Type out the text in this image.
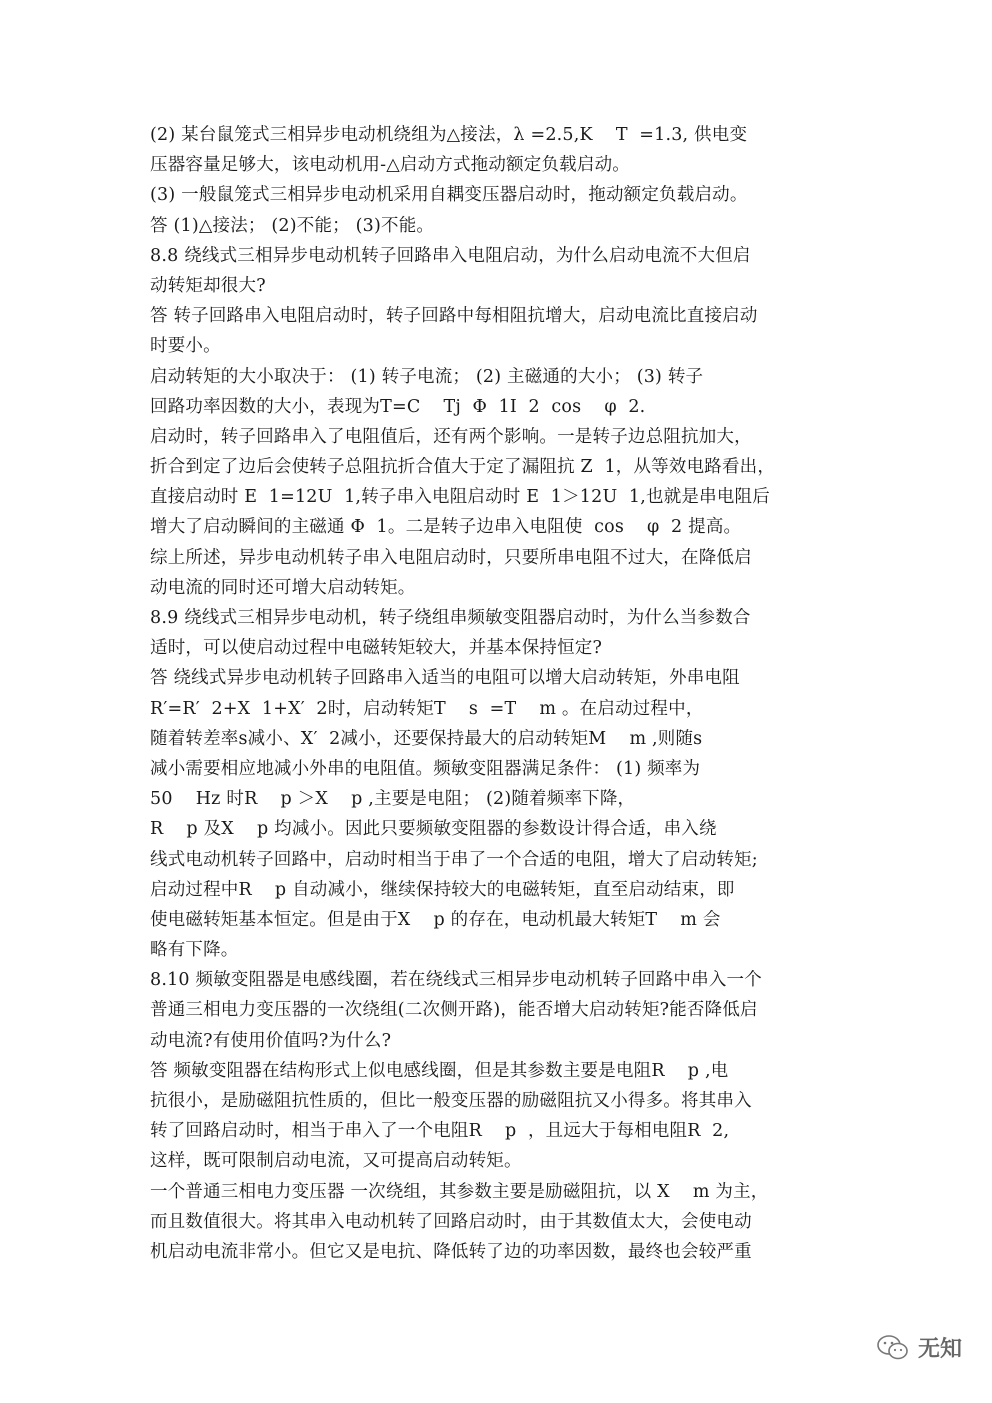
(2) 某台鼠笼式三相异步电动机绕组为△接法，λ =2.5,K    T  =1.3, 供电变
压器容量足够大，该电动机用-△启动方式拖动额定负载启动。
(3) 一般鼠笼式三相异步电动机采用自耦变压器启动时，拖动额定负载启动。
答 (1)△接法； (2)不能； (3)不能。
8.8 绕线式三相异步电动机转子回路串入电阻启动，为什么启动电流不大但启
动转矩却很大?
答 转子回路串入电阻启动时，转子回路中每相阻抗增大，启动电流比直接启动
时要小。
启动转矩的大小取决于： (1) 转子电流； (2) 主磁通的大小； (3) 转子
回路功率因数的大小，表现为T=C    Tj  Φ  1I  2  cos    φ  2.
启动时，转子回路串入了电阻值后，还有两个影响。一是转子边总阻抗加大，
折合到定了边后会使转子总阻抗折合值大于定了漏阻抗 Z  1，从等效电路看出，
直接启动时 E  1=12U  1,转子串入电阻启动时 E  1＞12U  1,也就是串电阻后
增大了启动瞬间的主磁通 Φ  1。二是转子边串入电阻使  cos    φ  2 提高。
综上所述，异步电动机转子串入电阻启动时，只要所串电阻不过大，在降低启
动电流的同时还可增大启动转矩。
8.9 绕线式三相异步电动机，转子绕组串频敏变阻器启动时，为什么当参数合
适时，可以使启动过程中电磁转矩较大，并基本保持恒定?
答 绕线式异步电动机转子回路串入适当的电阻可以增大启动转矩，外串电阻
R′=R′  2+X  1+X′  2时，启动转矩T    s  =T    m 。在启动过程中，
随着转差率s减小、X′  2减小，还要保持最大的启动转矩M    m ,则随s
减小需要相应地减小外串的电阻值。频敏变阻器满足条件： (1) 频率为
50    Hz 时R    p ＞X    p ,主要是电阻； (2)随着频率下降，
R    p 及X    p 均减小。因此只要频敏变阻器的参数设计得合适，串入绕
线式电动机转子回路中，启动时相当于串了一个合适的电阻，增大了启动转矩;
启动过程中R    p 自动减小，继续保持较大的电磁转矩，直至启动结束，即
使电磁转矩基本恒定。但是由于X    p 的存在，电动机最大转矩T    m 会
略有下降。
8.10 频敏变阻器是电感线圈，若在绕线式三相异步电动机转子回路中串入一个
普通三相电力变压器的一次绕组(二次侧开路)，能否增大启动转矩?能否降低启
动电流?有使用价值吗?为什么?
答 频敏变阻器在结构形式上似电感线圈，但是其参数主要是电阻R    p ,电
抗很小，是励磁阻抗性质的，但比一般变压器的励磁阻抗又小得多。将其串入
转了回路启动时，相当于串入了一个电阻R    p  ，且远大于每相电阻R  2,
这样，既可限制启动电流，又可提高启动转矩。
一个普通三相电力变压器 一次绕组，其参数主要是励磁阻抗，以 X    m 为主，
而且数值很大。将其串入电动机转了回路启动时，由于其数值太大，会使电动
机启动电流非常小。但它又是电抗、降低转了边的功率因数，最终也会较严重
无知
